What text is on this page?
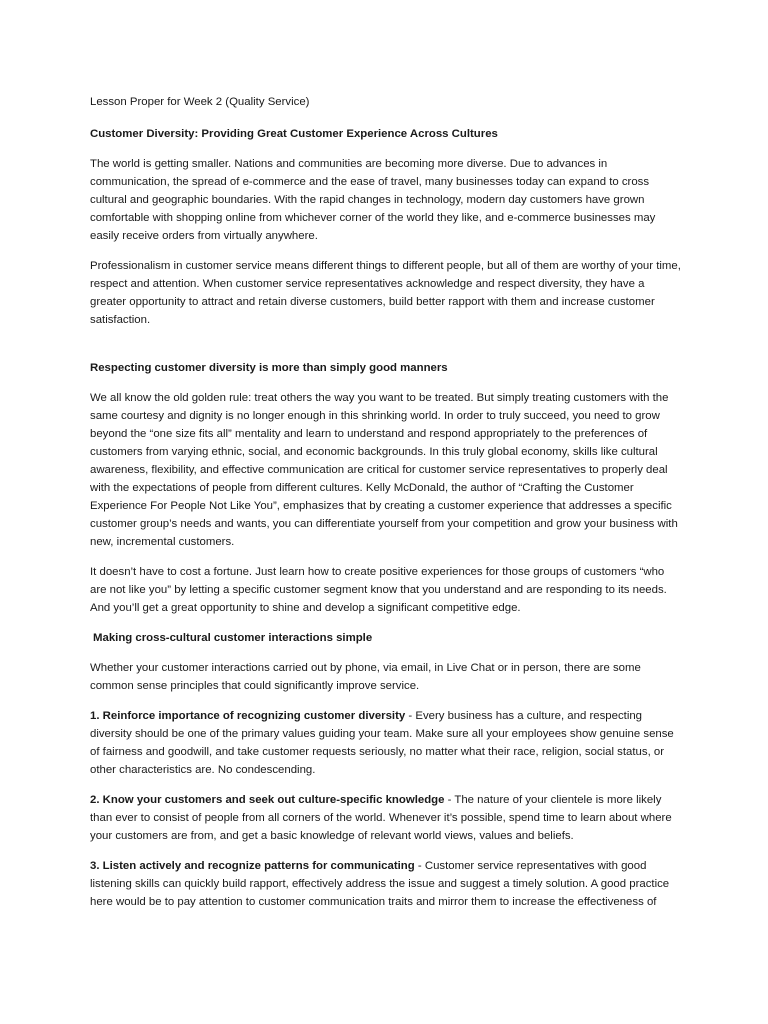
Lesson Proper for Week 2 (Quality Service)

Customer Diversity: Providing Great Customer Experience Across Cultures

The world is getting smaller. Nations and communities are becoming more diverse. Due to advances in communication, the spread of e-commerce and the ease of travel, many businesses today can expand to cross cultural and geographic boundaries. With the rapid changes in technology, modern day customers have grown comfortable with shopping online from whichever corner of the world they like, and e-commerce businesses may easily receive orders from virtually anywhere.

Professionalism in customer service means different things to different people, but all of them are worthy of your time, respect and attention. When customer service representatives acknowledge and respect diversity, they have a greater opportunity to attract and retain diverse customers, build better rapport with them and increase customer satisfaction.

Respecting customer diversity is more than simply good manners

We all know the old golden rule: treat others the way you want to be treated. But simply treating customers with the same courtesy and dignity is no longer enough in this shrinking world. In order to truly succeed, you need to grow beyond the “one size fits all” mentality and learn to understand and respond appropriately to the preferences of customers from varying ethnic, social, and economic backgrounds. In this truly global economy, skills like cultural awareness, flexibility, and effective communication are critical for customer service representatives to properly deal with the expectations of people from different cultures. Kelly McDonald, the author of “Crafting the Customer Experience For People Not Like You”, emphasizes that by creating a customer experience that addresses a specific customer group’s needs and wants, you can differentiate yourself from your competition and grow your business with new, incremental customers.

It doesn’t have to cost a fortune. Just learn how to create positive experiences for those groups of customers “who are not like you” by letting a specific customer segment know that you understand and are responding to its needs. And you’ll get a great opportunity to shine and develop a significant competitive edge.

Making cross-cultural customer interactions simple

Whether your customer interactions carried out by phone, via email, in Live Chat or in person, there are some common sense principles that could significantly improve service.

1. Reinforce importance of recognizing customer diversity - Every business has a culture, and respecting diversity should be one of the primary values guiding your team. Make sure all your employees show genuine sense of fairness and goodwill, and take customer requests seriously, no matter what their race, religion, social status, or other characteristics are. No condescending.

2. Know your customers and seek out culture-specific knowledge - The nature of your clientele is more likely than ever to consist of people from all corners of the world. Whenever it’s possible, spend time to learn about where your customers are from, and get a basic knowledge of relevant world views, values and beliefs.

3. Listen actively and recognize patterns for communicating - Customer service representatives with good listening skills can quickly build rapport, effectively address the issue and suggest a timely solution. A good practice here would be to pay attention to customer communication traits and mirror them to increase the effectiveness of
